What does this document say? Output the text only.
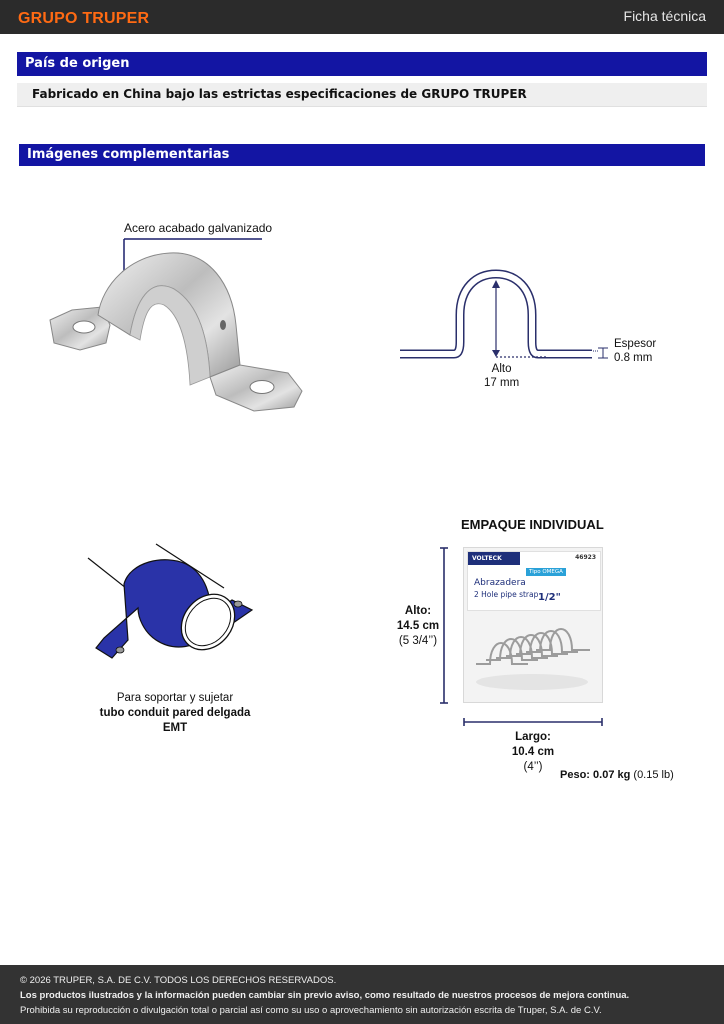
GRUPO TRUPER	Ficha técnica
País de origen
Fabricado en China bajo las estrictas especificaciones de GRUPO TRUPER
Imágenes complementarias
Acero acabado galvanizado
Espesor
0.8 mm
Alto
17 mm
Para soportar y sujetar
tubo conduit pared delgada EMT
EMPAQUE INDIVIDUAL
VOLTECK	46923
Tipo OMEGA
Abrazadera
2 Hole pipe strap 1/2"
Alto:
14.5 cm
(5 3/4’’)
Largo:
10.4 cm
(4’’)
Peso: 0.07 kg (0.15 lb)
© 2026 TRUPER, S.A. DE C.V. TODOS LOS DERECHOS RESERVADOS.
Los productos ilustrados y la información pueden cambiar sin previo aviso, como resultado de nuestros procesos de mejora continua.
Prohibida su reproducción o divulgación total o parcial así como su uso o aprovechamiento sin autorización escrita de Truper, S.A. de C.V.
